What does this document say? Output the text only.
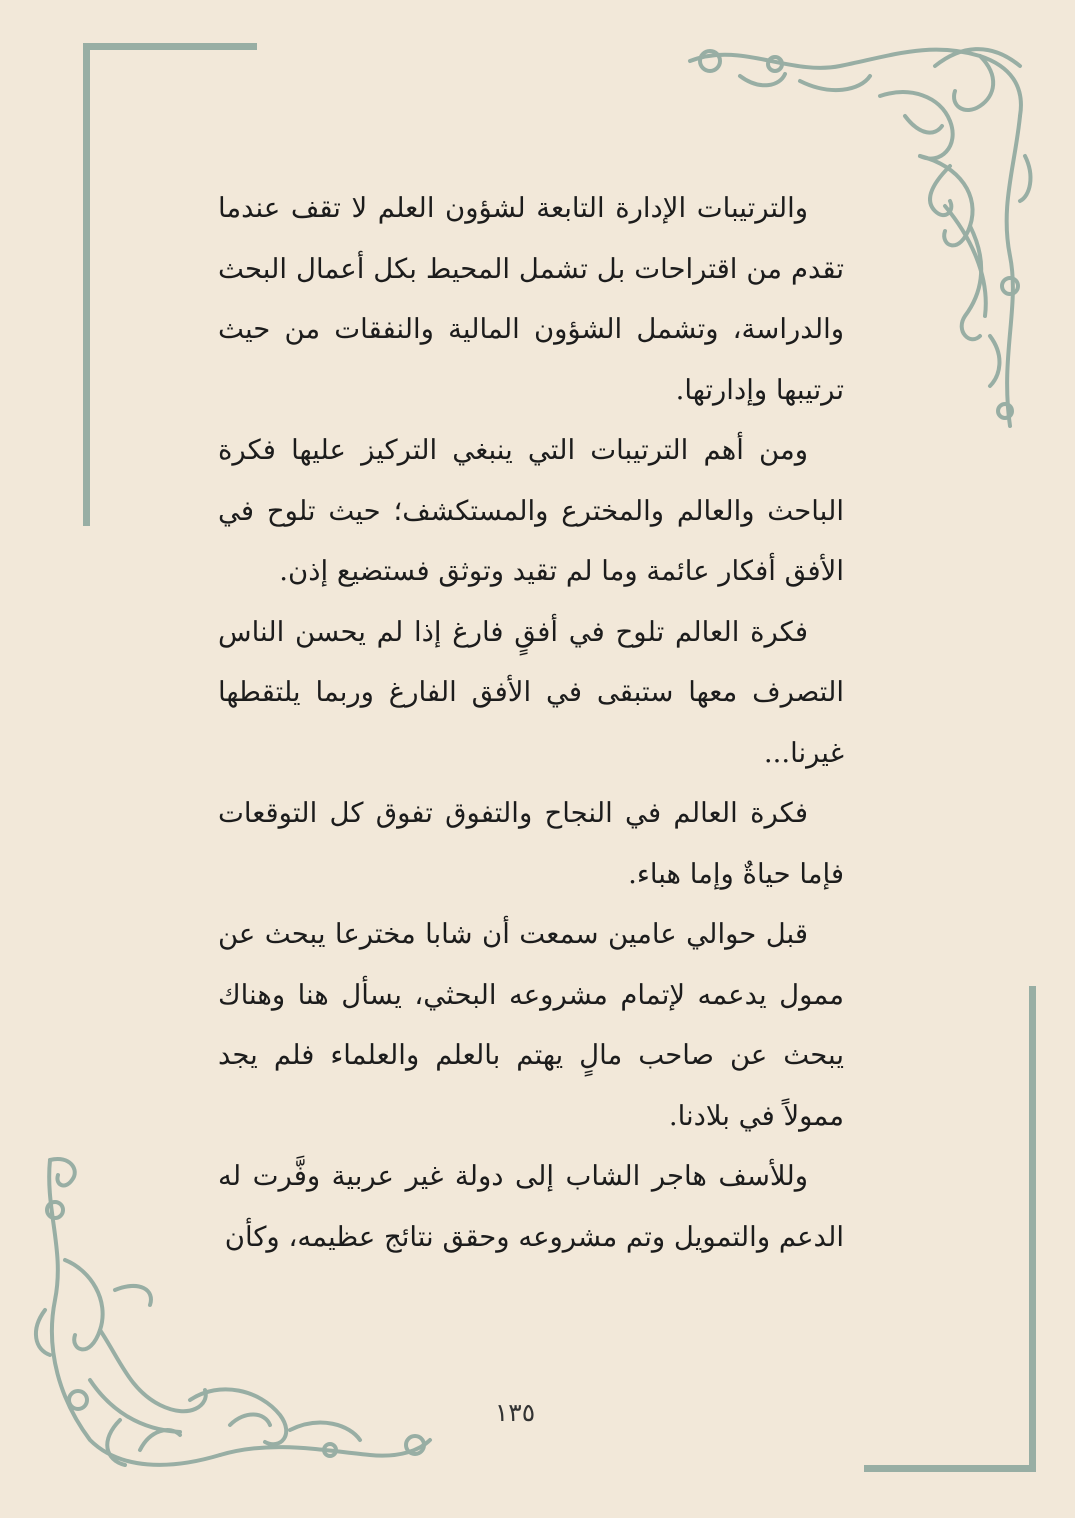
والترتيبات الإدارة التابعة لشؤون العلم لا تقف عندما تقدم من اقتراحات بل تشمل المحيط بكل أعمال البحث والدراسة، وتشمل الشؤون المالية والنفقات من حيث ترتيبها وإدارتها.

ومن أهم الترتيبات التي ينبغي التركيز عليها فكرة الباحث والعالم والمخترع والمستكشف؛ حيث تلوح في الأفق أفكار عائمة وما لم تقيد وتوثق فستضيع إذن.

فكرة العالم تلوح في أفقٍ فارغ إذا لم يحسن الناس التصرف معها ستبقى في الأفق الفارغ وربما يلتقطها غيرنا...

فكرة العالم في النجاح والتفوق تفوق كل التوقعات فإما حياةٌ وإما هباء.

قبل حوالي عامين سمعت أن شابا مخترعا يبحث عن ممول يدعمه لإتمام مشروعه البحثي، يسأل هنا وهناك يبحث عن صاحب مالٍ يهتم بالعلم والعلماء فلم يجد ممولاً في بلادنا.

وللأسف هاجر الشاب إلى دولة غير عربية وفَّرت له الدعم والتمويل وتم مشروعه وحقق نتائج عظيمه، وكأن

١٣٥
